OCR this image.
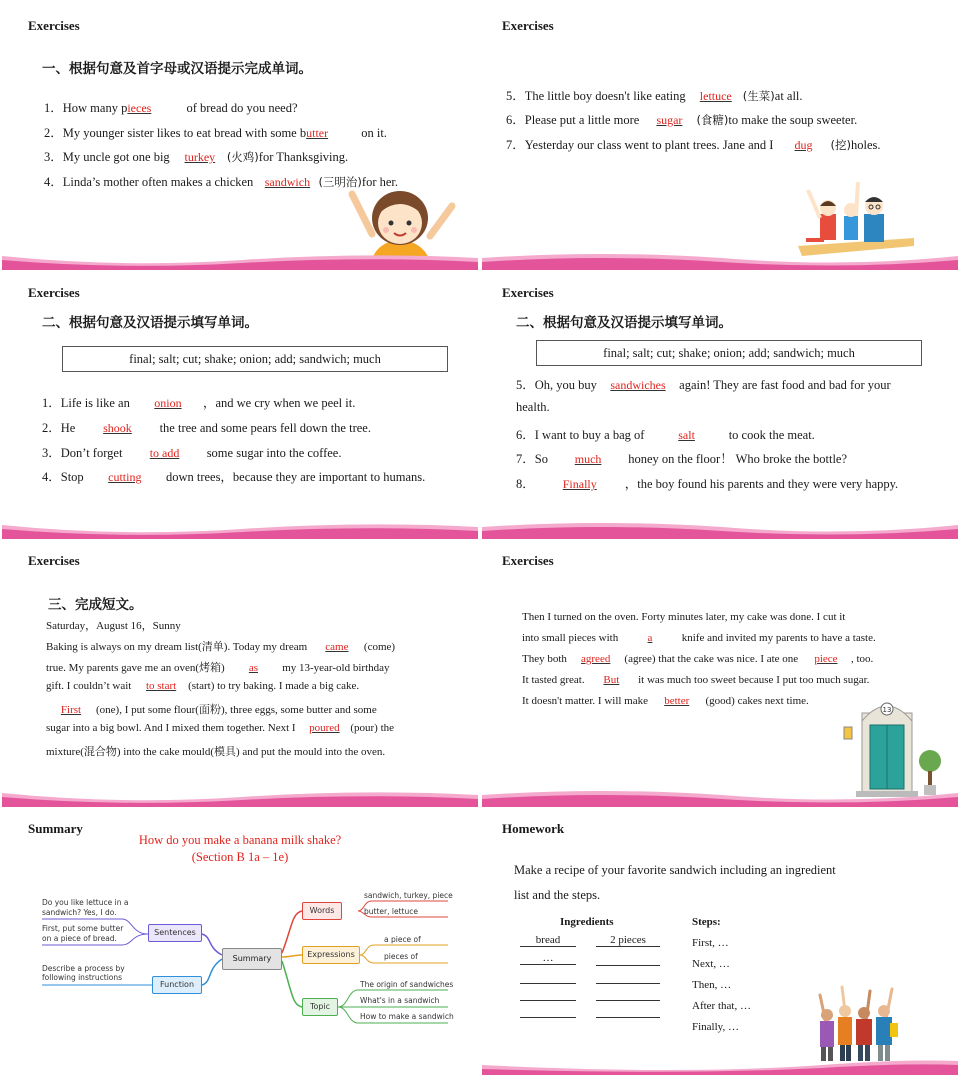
Exercises
一、根据句意及首字母或汉语提示完成单词。
1．How many pieces	of bread do you need?
2．My younger sister likes to eat bread with some butter on it.
3．My uncle got one big turkey (火鸡)for Thanksgiving.
4．Linda’s mother often makes a chicken sandwich (三明治)for her.
Exercises
5．The little boy doesn't like eating lettuce (生菜)at all.
6．Please put a little more sugar (食糖)to make the soup sweeter.
7．Yesterday our class went to plant trees. Jane and I dug (挖)holes.
Exercises
二、根据句意及汉语提示填写单词。
final; salt; cut; shake; onion; add; sandwich; much
1．Life is like an onion ，and we cry when we peel it.
2．He shook the tree and some pears fell down the tree.
3．Don’t forget to add some sugar into the coffee.
4．Stop cutting down trees，because they are important to humans.
Exercises
二、根据句意及汉语提示填写单词。
final; salt; cut; shake; onion; add; sandwich; much
5．Oh, you buy sandwiches again! They are fast food and bad for your
health.
6．I want to buy a bag of	salt to cook the meat.
7．So much honey on the floor！ Who broke the bottle?
8． Finally ，the boy found his parents and they were very happy.
Exercises
三、完成短文。
Saturday，August 16，Sunny
Baking is always on my dream list(清单). Today my dream came (come)
true. My parents gave me an oven(烤箱) as my 13-year-old birthday
gift. I couldn’t wait to start (start) to try baking. I made a big cake.
First (one), I put some flour(面粉), three eggs, some butter and some
sugar into a big bowl. And I mixed them together. Next I poured (pour) the
mixture(混合物) into the cake mould(模具) and put the mould into the oven.
Exercises
Then I turned on the oven. Forty minutes later, my cake was done. I cut it
into small pieces with a knife and invited my parents to have a taste.
They both agreed (agree) that the cake was nice. I ate one piece , too.
It tasted great. But it was much too sweet because I put too much sugar.
It doesn't matter. I will make better (good) cakes next time.
13
Summary
How do you make a banana milk shake?
(Section B 1a – 1e)
Summary
Sentences
Function
Words
Expressions
Topic
Do you like lettuce in a
sandwich? Yes, I do.
First, put some butter
on a piece of bread.
Describe a process by
following instructions
sandwich, turkey, piece
butter, lettuce
a piece of
pieces of
The origin of sandwiches
What's in a sandwich
How to make a sandwich
Homework
Make a recipe of your favorite sandwich including an ingredient
list and the steps.
Ingredients
bread	2 pieces
…
Steps:
First, …
Next, …
Then, …
After that, …
Finally, …
